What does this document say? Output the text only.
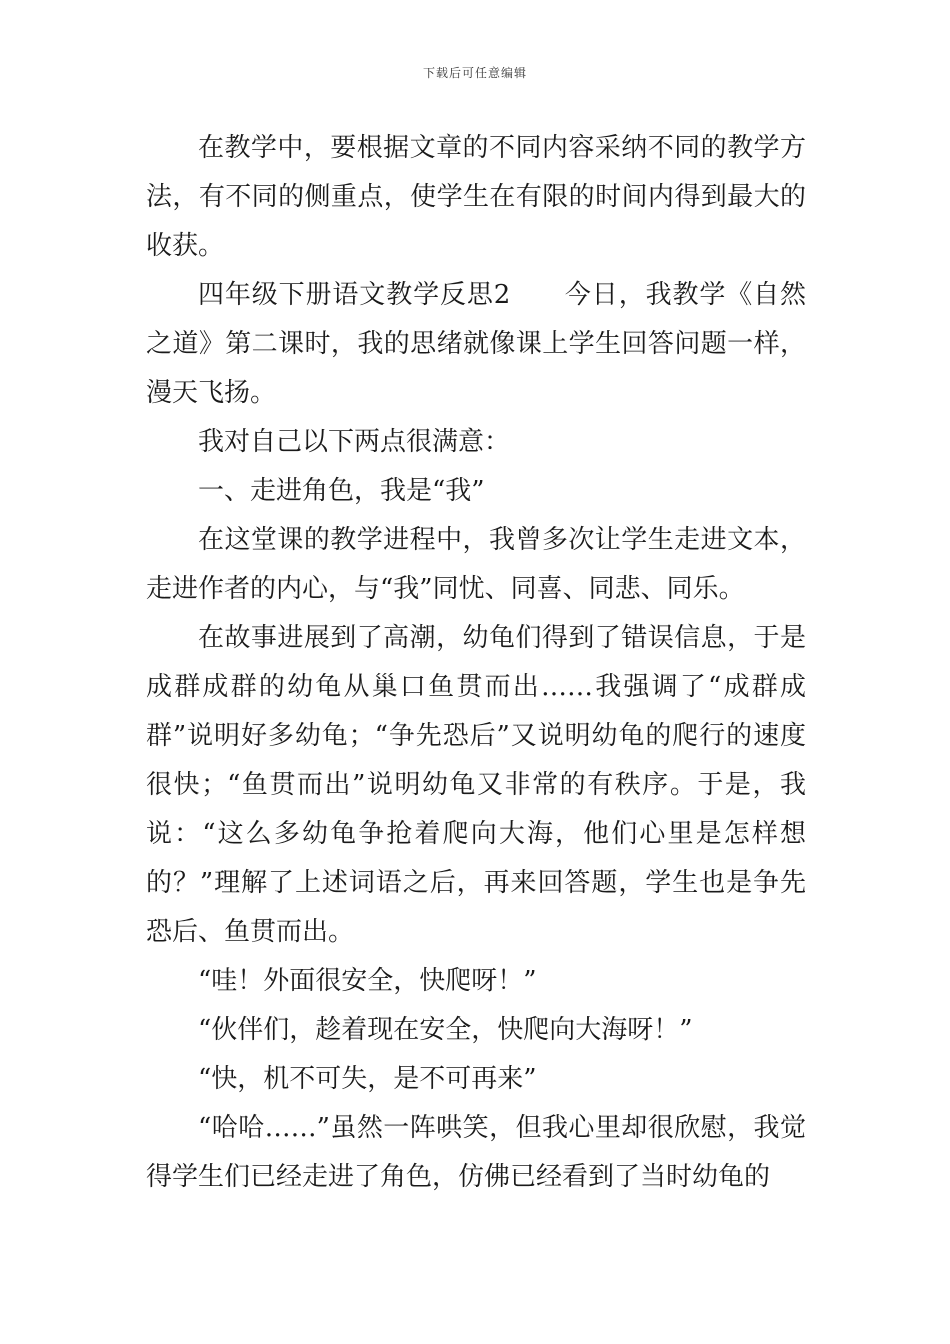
下载后可任意编辑

在教学中，要根据文章的不同内容采纳不同的教学方法，有不同的侧重点，使学生在有限的时间内得到最大的收获。

四年级下册语文教学反思2　　今日，我教学《自然之道》第二课时，我的思绪就像课上学生回答问题一样，漫天飞扬。

我对自己以下两点很满意：

一、走进角色，我是“我”

在这堂课的教学进程中，我曾多次让学生走进文本，走进作者的内心，与“我”同忧、同喜、同悲、同乐。

在故事进展到了高潮，幼龟们得到了错误信息，于是成群成群的幼龟从巢口鱼贯而出……我强调了“成群成群”说明好多幼龟；“争先恐后”又说明幼龟的爬行的速度很快；“鱼贯而出”说明幼龟又非常的有秩序。于是，我说：“这么多幼龟争抢着爬向大海，他们心里是怎样想的？”理解了上述词语之后，再来回答题，学生也是争先恐后、鱼贯而出。

“哇！外面很安全，快爬呀！”

“伙伴们，趁着现在安全，快爬向大海呀！”

“快，机不可失，是不可再来”

“哈哈……”虽然一阵哄笑，但我心里却很欣慰，我觉得学生们已经走进了角色，仿佛已经看到了当时幼龟的
